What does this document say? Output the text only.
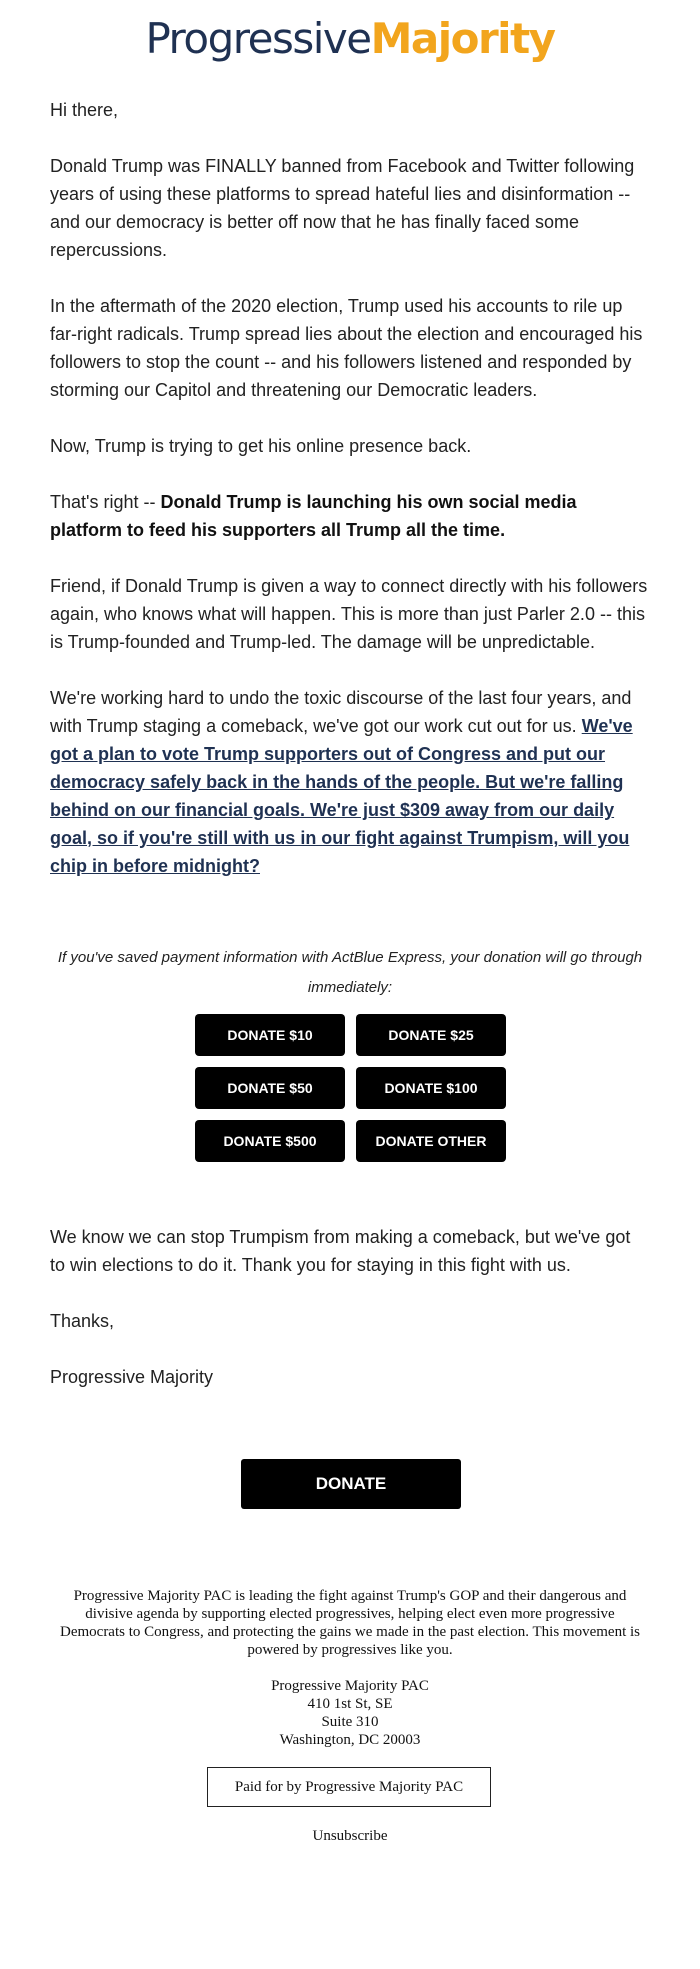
ProgressiveMajority

Hi there,

Donald Trump was FINALLY banned from Facebook and Twitter following years of using these platforms to spread hateful lies and disinformation -- and our democracy is better off now that he has finally faced some repercussions.

In the aftermath of the 2020 election, Trump used his accounts to rile up far-right radicals. Trump spread lies about the election and encouraged his followers to stop the count -- and his followers listened and responded by storming our Capitol and threatening our Democratic leaders.

Now, Trump is trying to get his online presence back.

That's right -- Donald Trump is launching his own social media platform to feed his supporters all Trump all the time.

Friend, if Donald Trump is given a way to connect directly with his followers again, who knows what will happen. This is more than just Parler 2.0 -- this is Trump-founded and Trump-led. The damage will be unpredictable.

We're working hard to undo the toxic discourse of the last four years, and with Trump staging a comeback, we've got our work cut out for us. We've got a plan to vote Trump supporters out of Congress and put our democracy safely back in the hands of the people. But we're falling behind on our financial goals. We're just $309 away from our daily goal, so if you're still with us in our fight against Trumpism, will you chip in before midnight?

If you've saved payment information with ActBlue Express, your donation will go through immediately:
DONATE $10	DONATE $25
DONATE $50	DONATE $100
DONATE $500	DONATE OTHER

We know we can stop Trumpism from making a comeback, but we've got to win elections to do it. Thank you for staying in this fight with us.

Thanks,

Progressive Majority

DONATE
Progressive Majority PAC is leading the fight against Trump's GOP and their dangerous and divisive agenda by supporting elected progressives, helping elect even more progressive Democrats to Congress, and protecting the gains we made in the past election. This movement is powered by progressives like you.
Progressive Majority PAC
410 1st St, SE
Suite 310
Washington, DC 20003
Paid for by Progressive Majority PAC
Unsubscribe
